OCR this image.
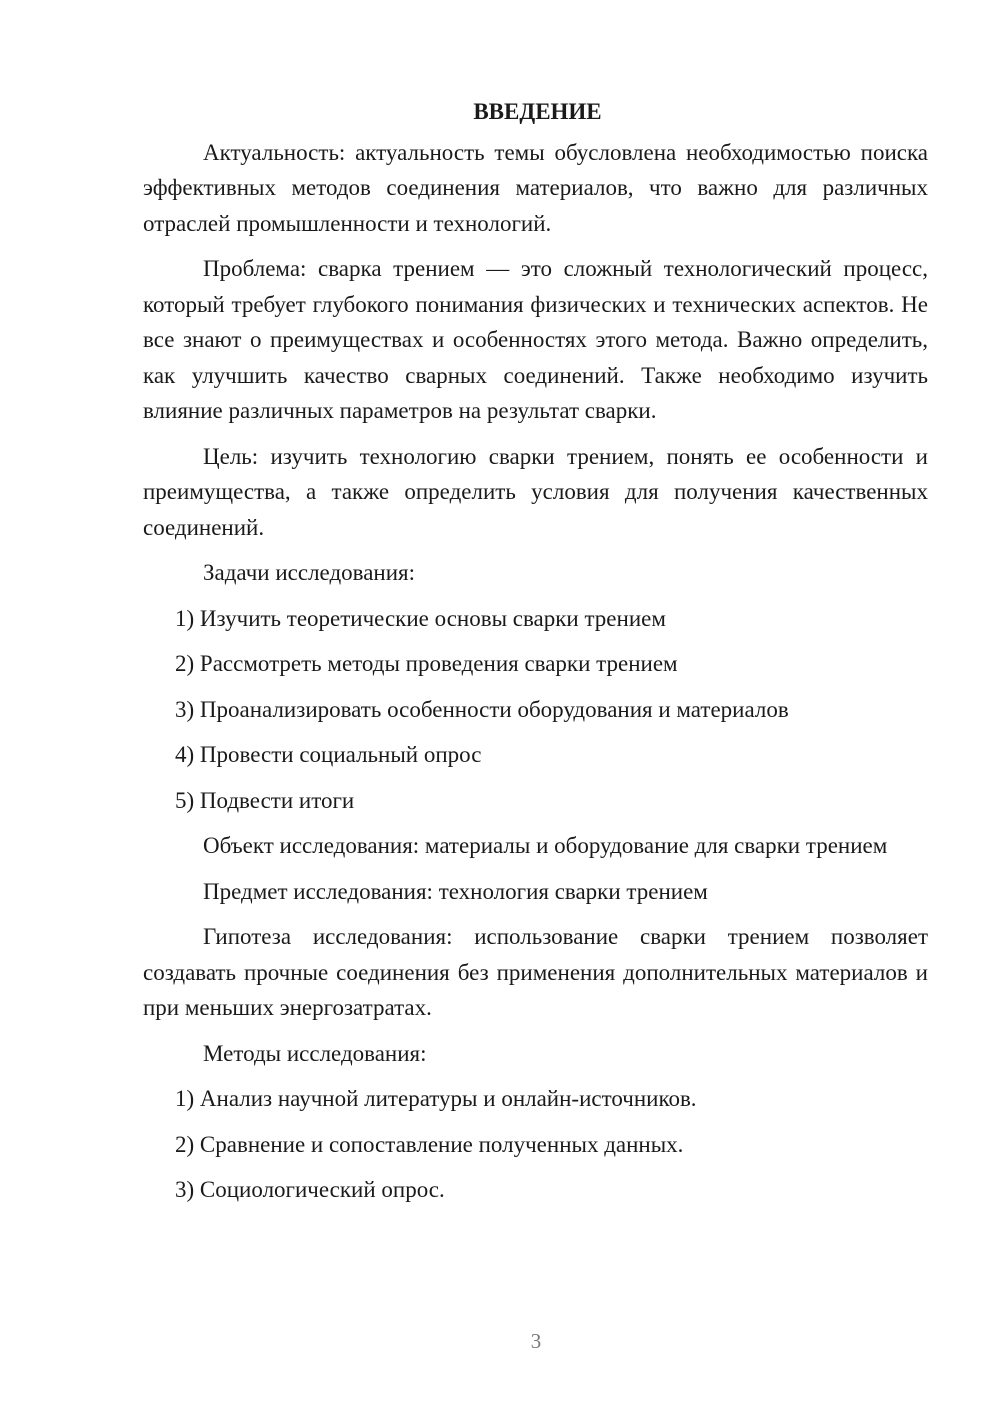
ВВЕДЕНИЕ

Актуальность: актуальность темы обусловлена необходимостью поиска эффективных методов соединения материалов, что важно для различных отраслей промышленности и технологий.

Проблема: сварка трением — это сложный технологический процесс, который требует глубокого понимания физических и технических аспектов. Не все знают о преимуществах и особенностях этого метода. Важно определить, как улучшить качество сварных соединений. Также необходимо изучить влияние различных параметров на результат сварки.

Цель: изучить технологию сварки трением, понять ее особенности и преимущества, а также определить условия для получения качественных соединений.

Задачи исследования:

1) Изучить теоретические основы сварки трением

2) Рассмотреть методы проведения сварки трением

3) Проанализировать особенности оборудования и материалов

4) Провести социальный опрос

5) Подвести итоги

Объект исследования: материалы и оборудование для сварки трением

Предмет исследования: технология сварки трением

Гипотеза исследования: использование сварки трением позволяет создавать прочные соединения без применения дополнительных материалов и при меньших энергозатратах.

Методы исследования:

1) Анализ научной литературы и онлайн-источников.

2) Сравнение и сопоставление полученных данных.

3) Социологический опрос.

3
